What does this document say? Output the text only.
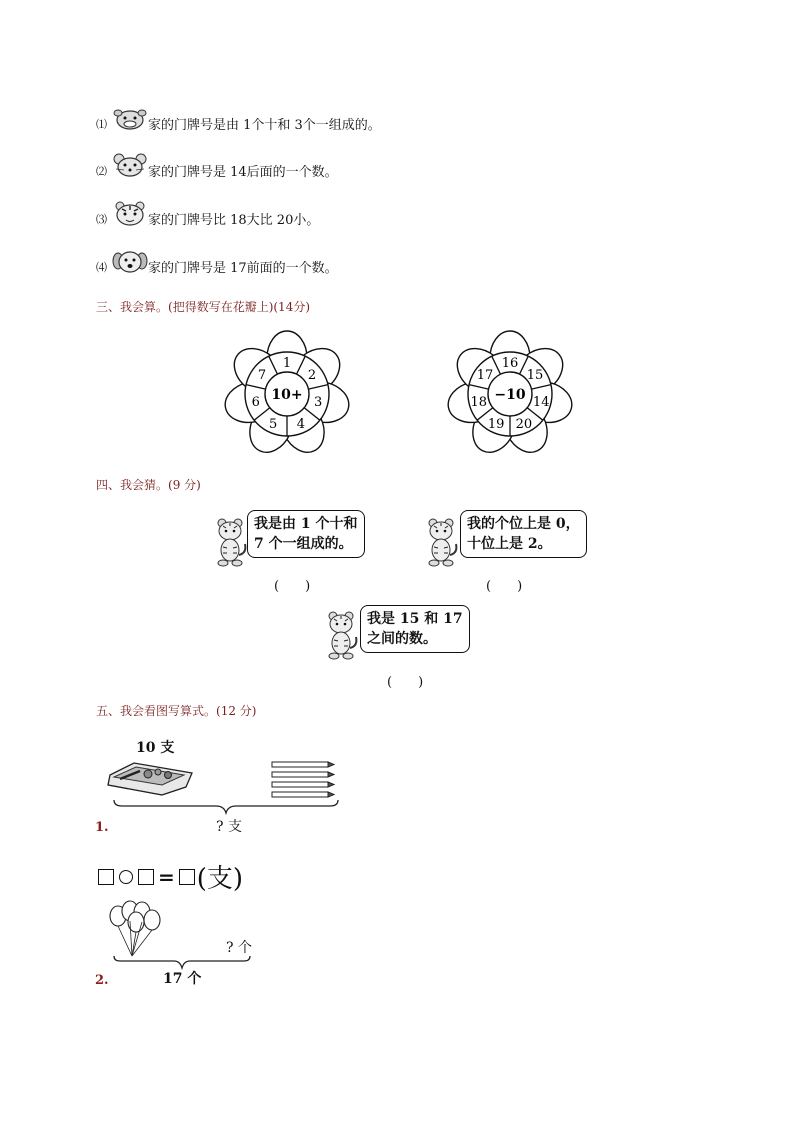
⑴	家的门牌号是由 1个十和 3个一组成的。
⑵	家的门牌号是 14后面的一个数。
⑶	家的门牌号比 18大比 20小。
⑷	家的门牌号是 17前面的一个数。
三、我会算。(把得数写在花瓣上)(14分)
10+
1
2
3
4
5
6
7
−10
16
15
14
20
19
18
17
四、我会猜。(9 分)
我是由 1 个十和
7 个一组成的。
(　　)
我的个位上是 0，
十位上是 2。
(　　)
我是 15 和 17
之间的数。
(　　)
五、我会看图写算式。(12 分)
10 支
1.	? 支
= (支)
? 个
2.	17 个
